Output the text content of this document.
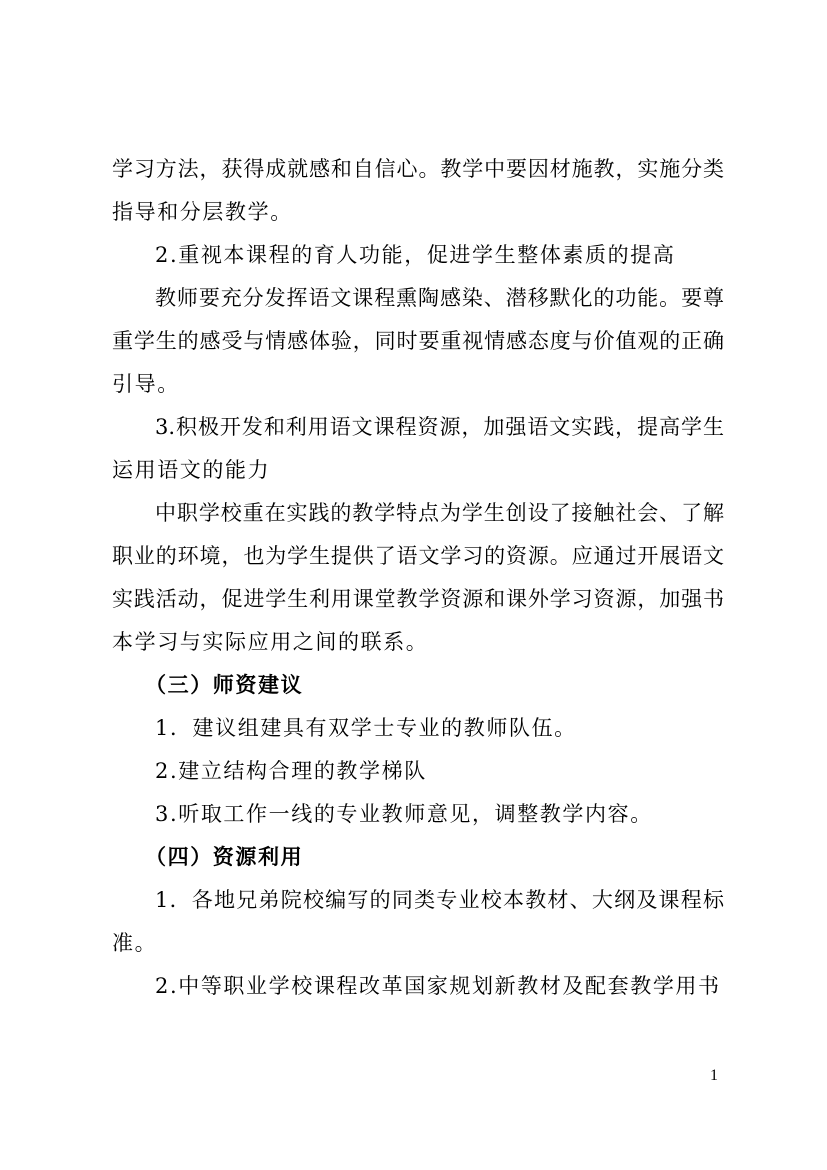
学习方法，获得成就感和自信心。教学中要因材施教，实施分类
指导和分层教学。
2.重视本课程的育人功能，促进学生整体素质的提高
教师要充分发挥语文课程熏陶感染、潜移默化的功能。要尊
重学生的感受与情感体验，同时要重视情感态度与价值观的正确
引导。
3.积极开发和利用语文课程资源，加强语文实践，提高学生
运用语文的能力
中职学校重在实践的教学特点为学生创设了接触社会、了解
职业的环境，也为学生提供了语文学习的资源。应通过开展语文
实践活动，促进学生利用课堂教学资源和课外学习资源，加强书
本学习与实际应用之间的联系。
（三）师资建议
1．建议组建具有双学士专业的教师队伍。
2.建立结构合理的教学梯队
3.听取工作一线的专业教师意见，调整教学内容。
（四）资源利用
1．各地兄弟院校编写的同类专业校本教材、大纲及课程标
准。
2.中等职业学校课程改革国家规划新教材及配套教学用书
1
